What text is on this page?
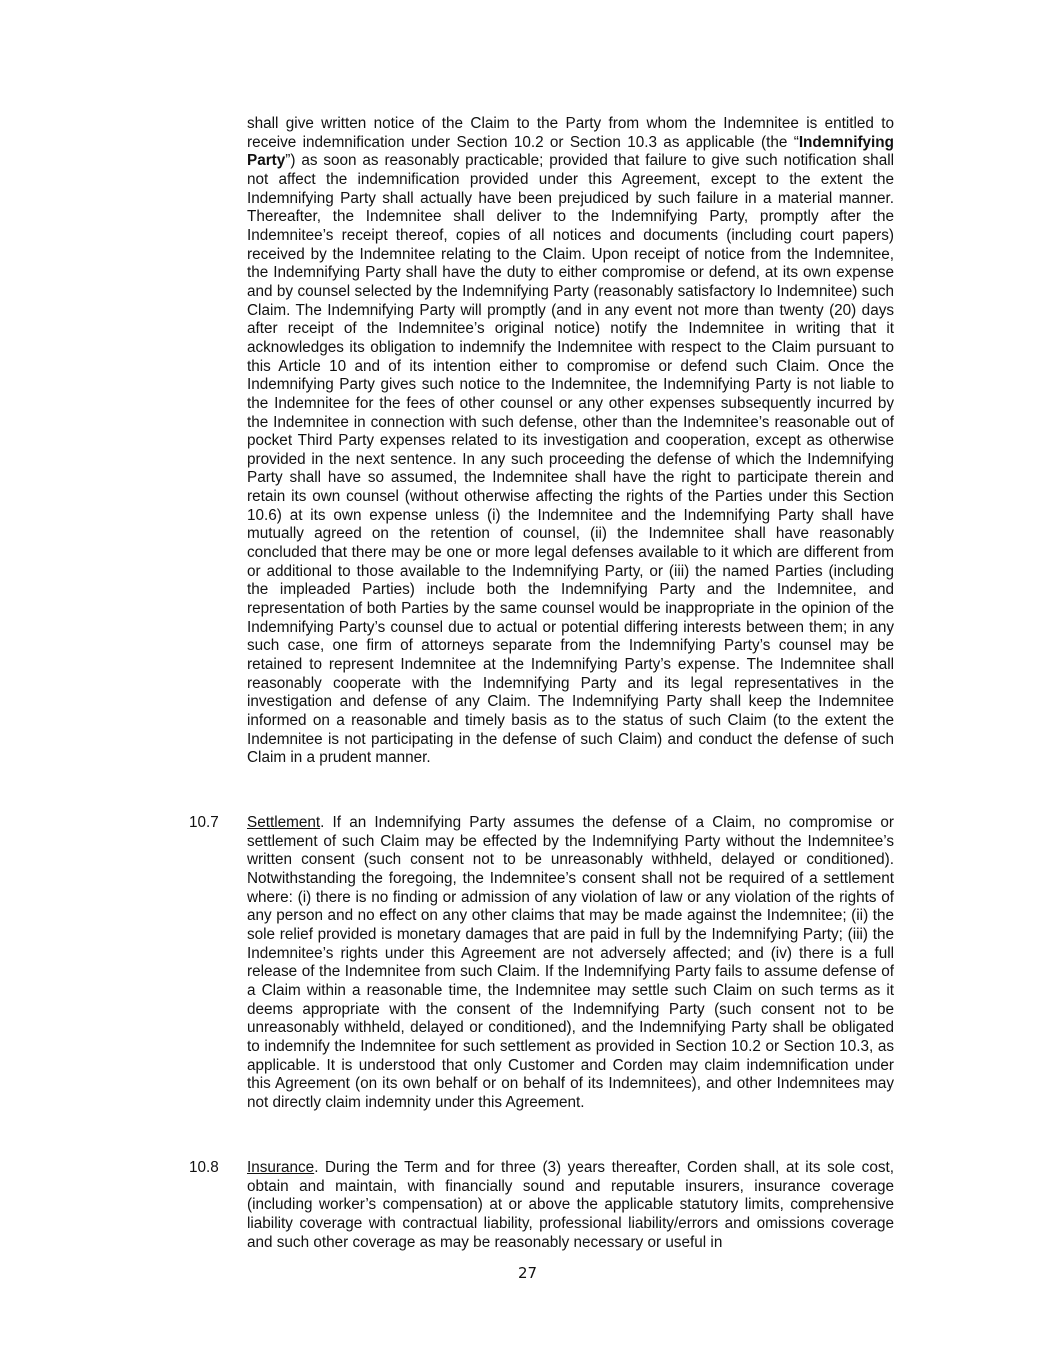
shall give written notice of the Claim to the Party from whom the Indemnitee is entitled to receive indemnification under Section 10.2 or Section 10.3 as applicable (the “Indemnifying Party”) as soon as reasonably practicable; provided that failure to give such notification shall not affect the indemnification provided under this Agreement, except to the extent the Indemnifying Party shall actually have been prejudiced by such failure in a material manner. Thereafter, the Indemnitee shall deliver to the Indemnifying Party, promptly after the Indemnitee’s receipt thereof, copies of all notices and documents (including court papers) received by the Indemnitee relating to the Claim. Upon receipt of notice from the Indemnitee, the Indemnifying Party shall have the duty to either compromise or defend, at its own expense and by counsel selected by the Indemnifying Party (reasonably satisfactory Io Indemnitee) such Claim. The Indemnifying Party will promptly (and in any event not more than twenty (20) days after receipt of the Indemnitee’s original notice) notify the Indemnitee in writing that it acknowledges its obligation to indemnify the Indemnitee with respect to the Claim pursuant to this Article 10 and of its intention either to compromise or defend such Claim. Once the Indemnifying Party gives such notice to the Indemnitee, the Indemnifying Party is not liable to the Indemnitee for the fees of other counsel or any other expenses subsequently incurred by the Indemnitee in connection with such defense, other than the Indemnitee’s reasonable out of pocket Third Party expenses related to its investigation and cooperation, except as otherwise provided in the next sentence. In any such proceeding the defense of which the Indemnifying Party shall have so assumed, the Indemnitee shall have the right to participate therein and retain its own counsel (without otherwise affecting the rights of the Parties under this Section 10.6) at its own expense unless (i) the Indemnitee and the Indemnifying Party shall have mutually agreed on the retention of counsel, (ii) the Indemnitee shall have reasonably concluded that there may be one or more legal defenses available to it which are different from or additional to those available to the Indemnifying Party, or (iii) the named Parties (including the impleaded Parties) include both the Indemnifying Party and the Indemnitee, and representation of both Parties by the same counsel would be inappropriate in the opinion of the Indemnifying Party’s counsel due to actual or potential differing interests between them; in any such case, one firm of attorneys separate from the Indemnifying Party’s counsel may be retained to represent Indemnitee at the Indemnifying Party’s expense. The Indemnitee shall reasonably cooperate with the Indemnifying Party and its legal representatives in the investigation and defense of any Claim. The Indemnifying Party shall keep the Indemnitee informed on a reasonable and timely basis as to the status of such Claim (to the extent the Indemnitee is not participating in the defense of such Claim) and conduct the defense of such Claim in a prudent manner.

10.7 Settlement. If an Indemnifying Party assumes the defense of a Claim, no compromise or settlement of such Claim may be effected by the Indemnifying Party without the Indemnitee’s written consent (such consent not to be unreasonably withheld, delayed or conditioned). Notwithstanding the foregoing, the Indemnitee’s consent shall not be required of a settlement where: (i) there is no finding or admission of any violation of law or any violation of the rights of any person and no effect on any other claims that may be made against the Indemnitee; (ii) the sole relief provided is monetary damages that are paid in full by the Indemnifying Party; (iii) the Indemnitee’s rights under this Agreement are not adversely affected; and (iv) there is a full release of the Indemnitee from such Claim. If the Indemnifying Party fails to assume defense of a Claim within a reasonable time, the Indemnitee may settle such Claim on such terms as it deems appropriate with the consent of the Indemnifying Party (such consent not to be unreasonably withheld, delayed or conditioned), and the Indemnifying Party shall be obligated to indemnify the Indemnitee for such settlement as provided in Section 10.2 or Section 10.3, as applicable. It is understood that only Customer and Corden may claim indemnification under this Agreement (on its own behalf or on behalf of its Indemnitees), and other Indemnitees may not directly claim indemnity under this Agreement.

10.8 Insurance. During the Term and for three (3) years thereafter, Corden shall, at its sole cost, obtain and maintain, with financially sound and reputable insurers, insurance coverage (including worker’s compensation) at or above the applicable statutory limits, comprehensive liability coverage with contractual liability, professional liability/errors and omissions coverage and such other coverage as may be reasonably necessary or useful in

27
